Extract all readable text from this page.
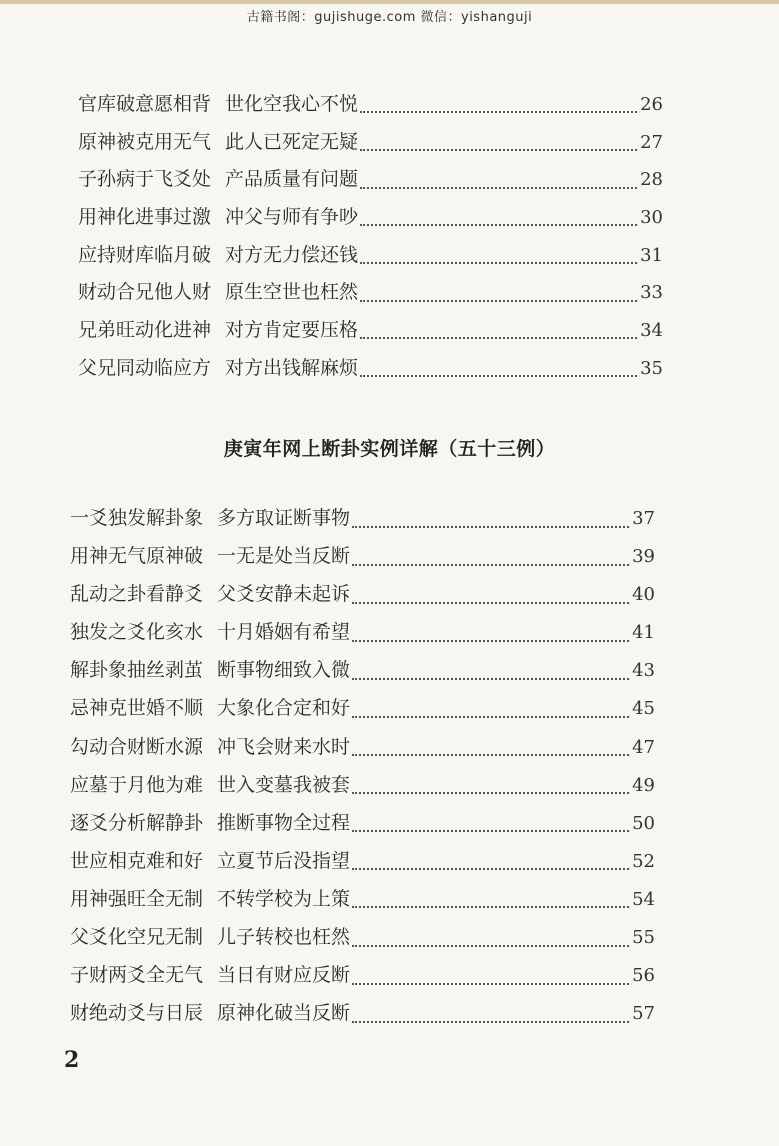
古籍书阁：gujishuge.com 微信：yishanguji
官库破意愿相背 世化空我心不悦	26
原神被克用无气 此人已死定无疑	27
子孙病于飞爻处 产品质量有问题	28
用神化进事过激 冲父与师有争吵	30
应持财库临月破 对方无力偿还钱	31
财动合兄他人财 原生空世也枉然	33
兄弟旺动化进神 对方肯定要压格	34
父兄同动临应方 对方出钱解麻烦	35
庚寅年网上断卦实例详解（五十三例）
一爻独发解卦象 多方取证断事物	37
用神无气原神破 一无是处当反断	39
乱动之卦看静爻 父爻安静未起诉	40
独发之爻化亥水 十月婚姻有希望	41
解卦象抽丝剥茧 断事物细致入微	43
忌神克世婚不顺 大象化合定和好	45
勾动合财断水源 冲飞会财来水时	47
应墓于月他为难 世入变墓我被套	49
逐爻分析解静卦 推断事物全过程	50
世应相克难和好 立夏节后没指望	52
用神强旺全无制 不转学校为上策	54
父爻化空兄无制 儿子转校也枉然	55
子财两爻全无气 当日有财应反断	56
财绝动爻与日辰 原神化破当反断	57
2
